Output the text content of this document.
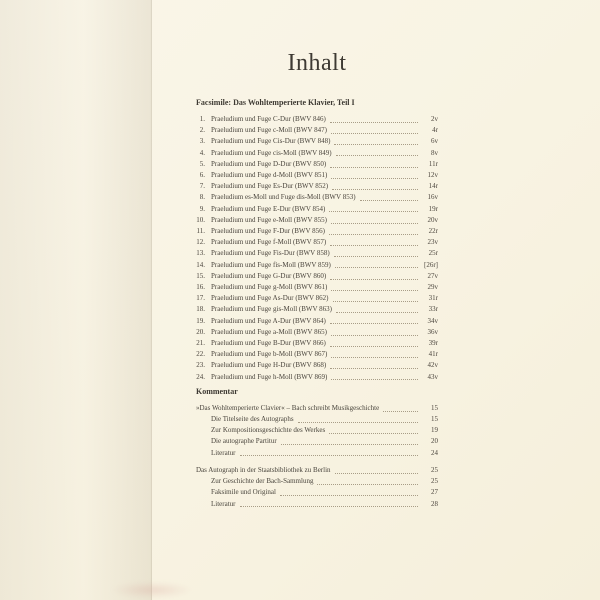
Inhalt
Facsimile: Das Wohltemperierte Klavier, Teil I
1. Praeludium und Fuge C-Dur (BWV 846)	2v
2. Praeludium und Fuge c-Moll (BWV 847)	4r
3. Praeludium und Fuge Cis-Dur (BWV 848)	6v
4. Praeludium und Fuge cis-Moll (BWV 849)	8v
5. Praeludium und Fuge D-Dur (BWV 850)	11r
6. Praeludium und Fuge d-Moll (BWV 851)	12v
7. Praeludium und Fuge Es-Dur (BWV 852)	14r
8. Praeludium es-Moll und Fuge dis-Moll (BWV 853)	16v
9. Praeludium und Fuge E-Dur (BWV 854)	19r
10. Praeludium und Fuge e-Moll (BWV 855)	20v
11. Praeludium und Fuge F-Dur (BWV 856)	22r
12. Praeludium und Fuge f-Moll (BWV 857)	23v
13. Praeludium und Fuge Fis-Dur (BWV 858)	25r
14. Praeludium und Fuge fis-Moll (BWV 859)	[26r]
15. Praeludium und Fuge G-Dur (BWV 860)	27v
16. Praeludium und Fuge g-Moll (BWV 861)	29v
17. Praeludium und Fuge As-Dur (BWV 862)	31r
18. Praeludium und Fuge gis-Moll (BWV 863)	33r
19. Praeludium und Fuge A-Dur (BWV 864)	34v
20. Praeludium und Fuge a-Moll (BWV 865)	36v
21. Praeludium und Fuge B-Dur (BWV 866)	39r
22. Praeludium und Fuge b-Moll (BWV 867)	41r
23. Praeludium und Fuge H-Dur (BWV 868)	42v
24. Praeludium und Fuge h-Moll (BWV 869)	43v
Kommentar
»Das Wohltemperierte Clavier« – Bach schreibt Musikgeschichte	15
Die Titelseite des Autographs	15
Zur Kompositionsgeschichte des Werkes	19
Die autographe Partitur	20
Literatur	24
Das Autograph in der Staatsbibliothek zu Berlin	25
Zur Geschichte der Bach-Sammlung	25
Faksimile und Original	27
Literatur	28
